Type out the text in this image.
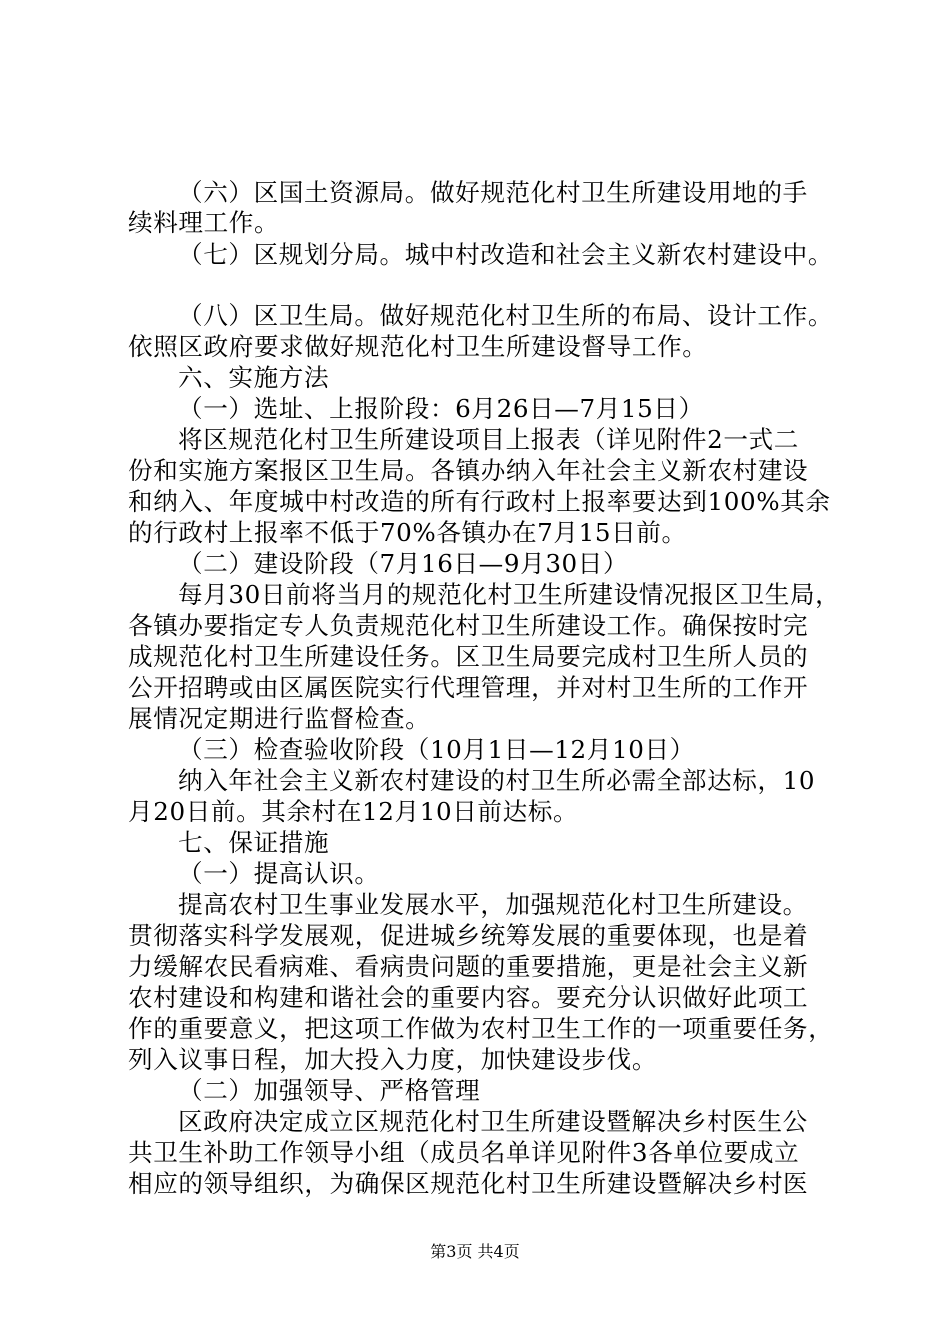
（六）区国土资源局。做好规范化村卫生所建设用地的手
续料理工作。
（七）区规划分局。城中村改造和社会主义新农村建设中。
（八）区卫生局。做好规范化村卫生所的布局、设计工作。
依照区政府要求做好规范化村卫生所建设督导工作。
六、实施方法
（一）选址、上报阶段：6月26日—7月15日）
将区规范化村卫生所建设项目上报表（详见附件2一式二
份和实施方案报区卫生局。各镇办纳入年社会主义新农村建设
和纳入、年度城中村改造的所有行政村上报率要达到100%其余
的行政村上报率不低于70%各镇办在7月15日前。
（二）建设阶段（7月16日—9月30日）
每月30日前将当月的规范化村卫生所建设情况报区卫生局，
各镇办要指定专人负责规范化村卫生所建设工作。确保按时完
成规范化村卫生所建设任务。区卫生局要完成村卫生所人员的
公开招聘或由区属医院实行代理管理，并对村卫生所的工作开
展情况定期进行监督检查。
（三）检查验收阶段（10月1日—12月10日）
纳入年社会主义新农村建设的村卫生所必需全部达标，10
月20日前。其余村在12月10日前达标。
七、保证措施
（一）提高认识。
提高农村卫生事业发展水平，加强规范化村卫生所建设。
贯彻落实科学发展观，促进城乡统筹发展的重要体现，也是着
力缓解农民看病难、看病贵问题的重要措施，更是社会主义新
农村建设和构建和谐社会的重要内容。要充分认识做好此项工
作的重要意义，把这项工作做为农村卫生工作的一项重要任务，
列入议事日程，加大投入力度，加快建设步伐。
（二）加强领导、严格管理
区政府决定成立区规范化村卫生所建设暨解决乡村医生公
共卫生补助工作领导小组（成员名单详见附件3各单位要成立
相应的领导组织，为确保区规范化村卫生所建设暨解决乡村医
第3页 共4页
